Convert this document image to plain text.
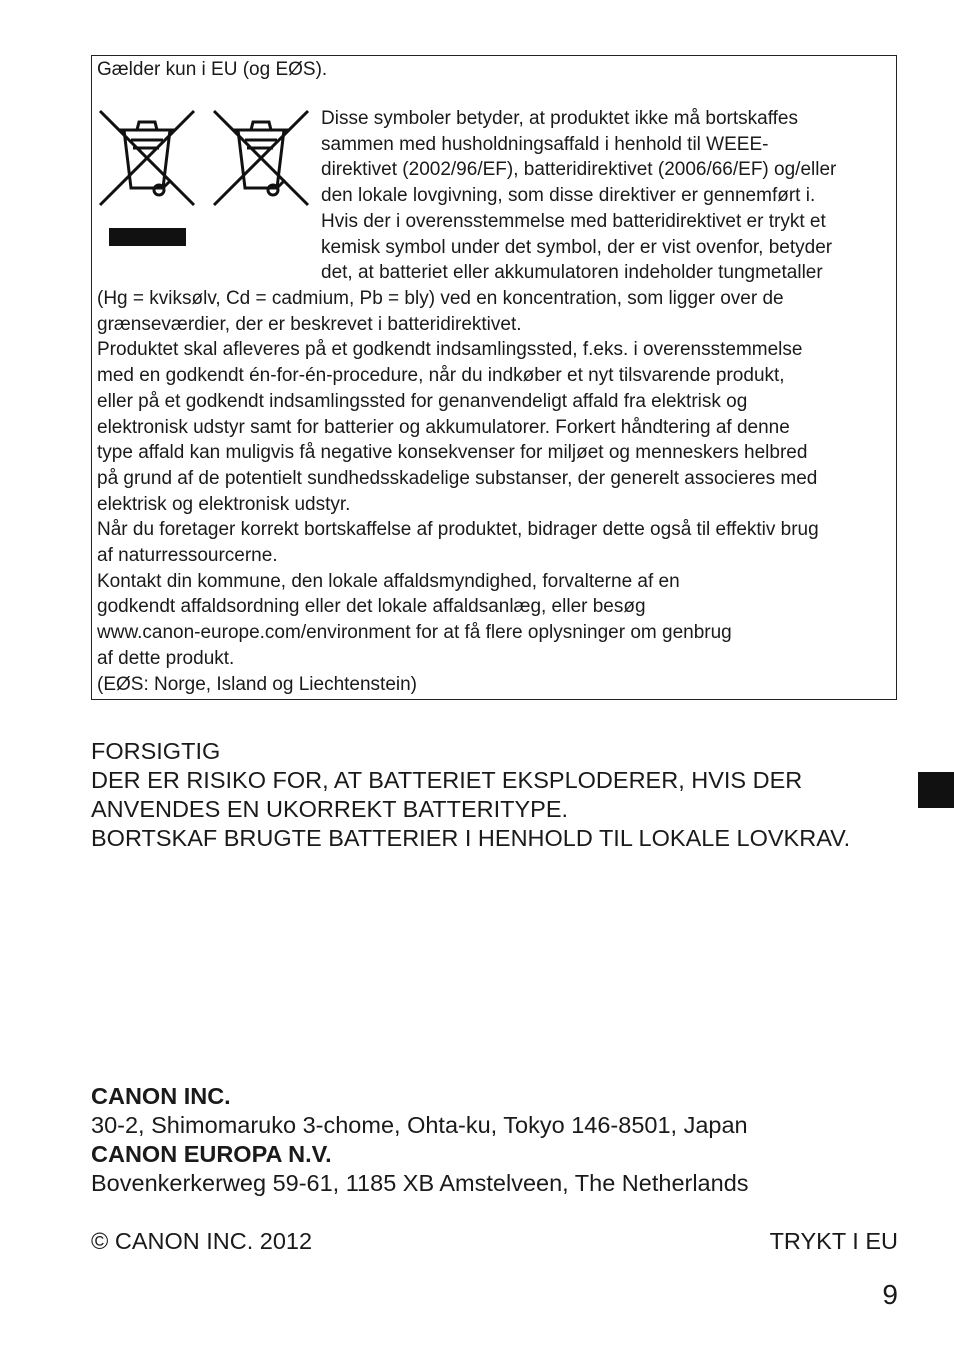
Gælder kun i EU (og EØS).

Disse symboler betyder, at produktet ikke må bortskaffes
sammen med husholdningsaffald i henhold til WEEE-
direktivet (2002/96/EF), batteridirektivet (2006/66/EF) og/eller
den lokale lovgivning, som disse direktiver er gennemført i.
Hvis der i overensstemmelse med batteridirektivet er trykt et
kemisk symbol under det symbol, der er vist ovenfor, betyder
det, at batteriet eller akkumulatoren indeholder tungmetaller

(Hg = kviksølv, Cd = cadmium, Pb = bly) ved en koncentration, som ligger over de
grænseværdier, der er beskrevet i batteridirektivet.
Produktet skal afleveres på et godkendt indsamlingssted, f.eks. i overensstemmelse
med en godkendt én-for-én-procedure, når du indkøber et nyt tilsvarende produkt,
eller på et godkendt indsamlingssted for genanvendeligt affald fra elektrisk og
elektronisk udstyr samt for batterier og akkumulatorer. Forkert håndtering af denne
type affald kan muligvis få negative konsekvenser for miljøet og menneskers helbred
på grund af de potentielt sundhedsskadelige substanser, der generelt associeres med
elektrisk og elektronisk udstyr.
Når du foretager korrekt bortskaffelse af produktet, bidrager dette også til effektiv brug
af naturressourcerne.
Kontakt din kommune, den lokale affaldsmyndighed, forvalterne af en
godkendt affaldsordning eller det lokale affaldsanlæg, eller besøg
www.canon-europe.com/environment for at få flere oplysninger om genbrug
af dette produkt.
(EØS: Norge, Island og Liechtenstein)

FORSIGTIG
DER ER RISIKO FOR, AT BATTERIET EKSPLODERER, HVIS DER
ANVENDES EN UKORREKT BATTERITYPE.
BORTSKAF BRUGTE BATTERIER I HENHOLD TIL LOKALE LOVKRAV.

CANON INC.
30-2, Shimomaruko 3-chome, Ohta-ku, Tokyo 146-8501, Japan
CANON EUROPA N.V.
Bovenkerkerweg 59-61, 1185 XB Amstelveen, The Netherlands

© CANON INC. 2012	TRYKT I EU

9
